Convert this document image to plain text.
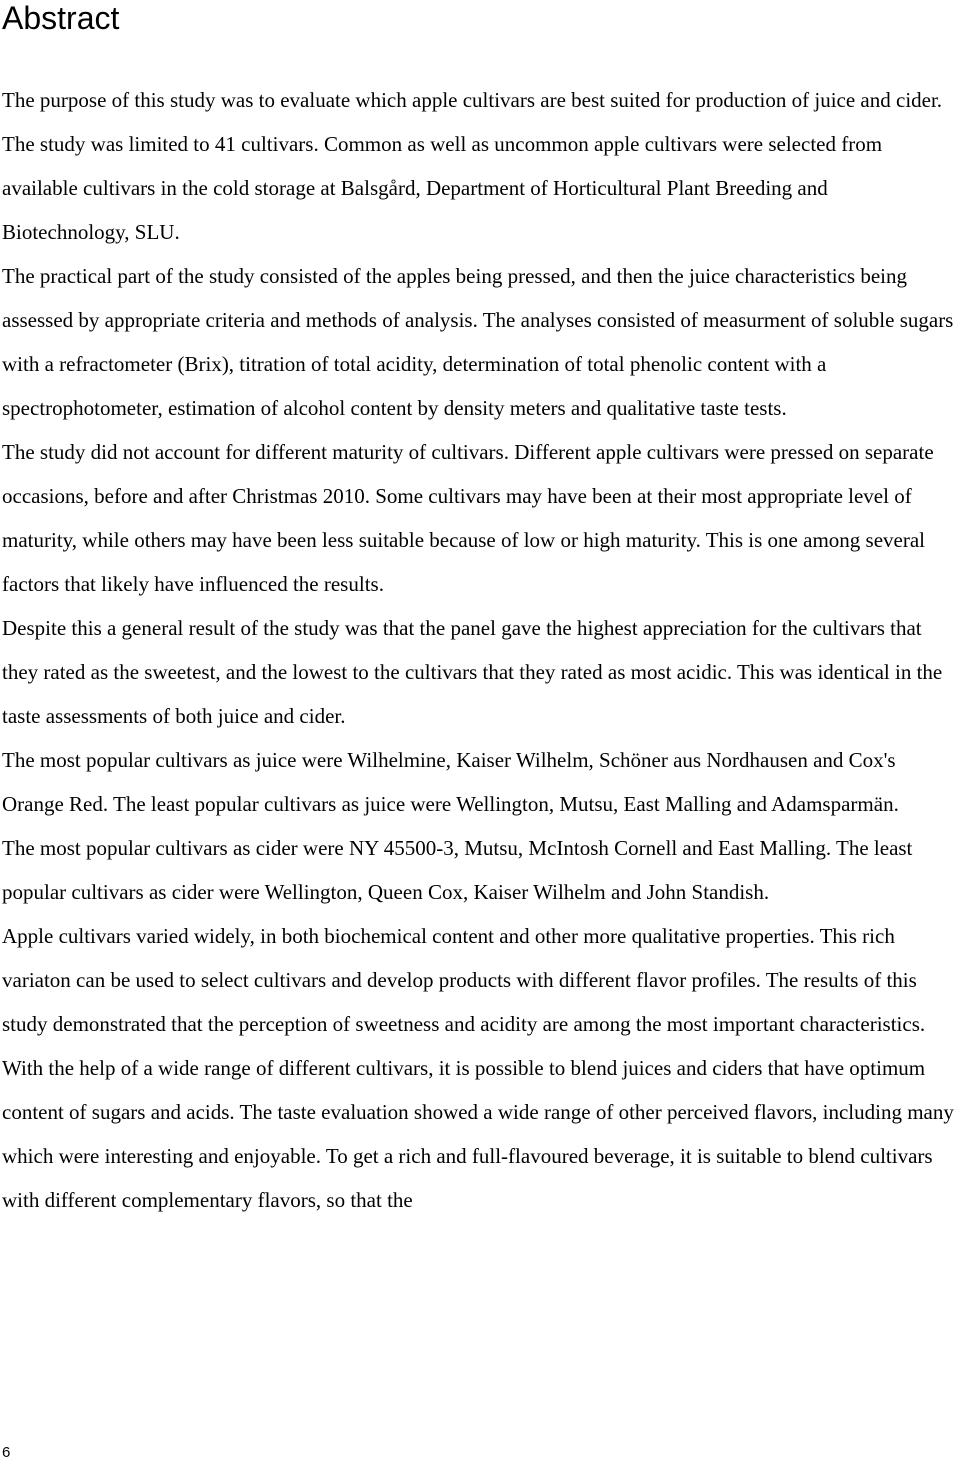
Abstract

The purpose of this study was to evaluate which apple cultivars are best suited for production of juice and cider. The study was limited to 41 cultivars. Common as well as uncommon apple cultivars were selected from available cultivars in the cold storage at Balsgård, Department of Horticultural Plant Breeding and Biotechnology, SLU.

The practical part of the study consisted of the apples being pressed, and then the juice characteristics being assessed by appropriate criteria and methods of analysis. The analyses consisted of measurment of soluble sugars with a refractometer (Brix), titration of total acidity, determination of total phenolic content with a spectrophotometer, estimation of alcohol content by density meters and qualitative taste tests.

The study did not account for different maturity of cultivars. Different apple cultivars were pressed on separate occasions, before and after Christmas 2010. Some cultivars may have been at their most appropriate level of maturity, while others may have been less suitable because of low or high maturity. This is one among several factors that likely have influenced the results.

Despite this a general result of the study was that the panel gave the highest appreciation for the cultivars that they rated as the sweetest, and the lowest to the cultivars that they rated as most acidic. This was identical in the taste assessments of both juice and cider.

The most popular cultivars as juice were Wilhelmine, Kaiser Wilhelm, Schöner aus Nordhausen and Cox's Orange Red. The least popular cultivars as juice were Wellington, Mutsu, East Malling and Adamsparmän.

The most popular cultivars as cider were NY 45500-3, Mutsu, McIntosh Cornell and East Malling. The least popular cultivars as cider were Wellington, Queen Cox, Kaiser Wilhelm and John Standish.

Apple cultivars varied widely, in both biochemical content and other more qualitative properties. This rich variaton can be used to select cultivars and develop products with different flavor profiles. The results of this study demonstrated that the perception of sweetness and acidity are among the most important characteristics. With the help of a wide range of different cultivars, it is possible to blend juices and ciders that have optimum content of sugars and acids. The taste evaluation showed a wide range of other perceived flavors, including many which were interesting and enjoyable. To get a rich and full-flavoured beverage, it is suitable to blend cultivars with different complementary flavors, so that the

6
